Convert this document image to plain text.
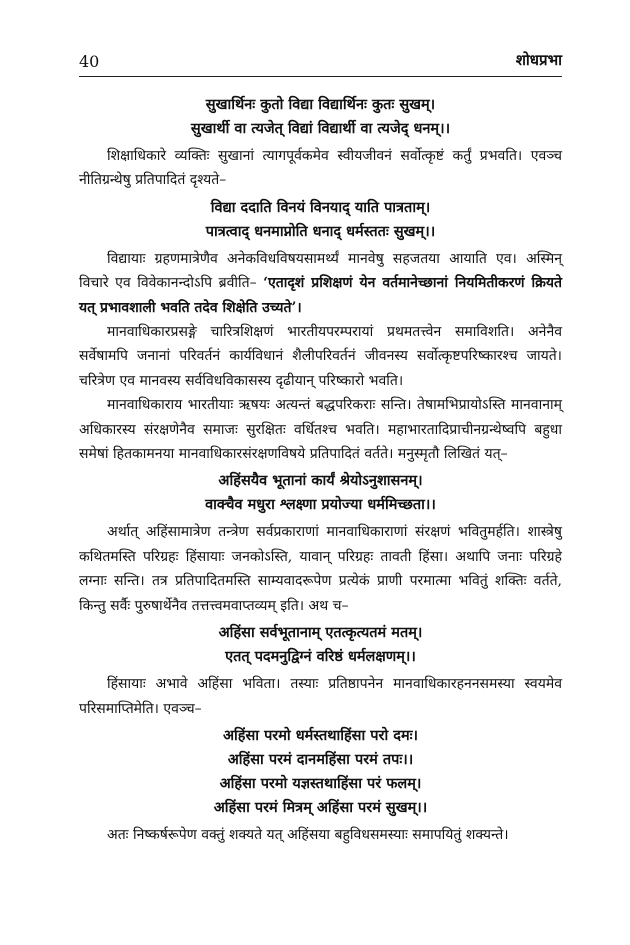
40	शोधप्रभा
सुखार्थिनः कुतो विद्या विद्यार्थिनः कुतः सुखम्।
सुखार्थी वा त्यजेत् विद्यां विद्यार्थी वा त्यजेद् धनम्।।

शिक्षाधिकारे व्यक्तिः सुखानां त्यागपूर्वकमेव स्वीयजीवनं सर्वोत्कृष्टं कर्तुं प्रभवति। एवञ्च नीतिग्रन्थेषु प्रतिपादितं दृश्यते–

विद्या ददाति विनयं विनयाद् याति पात्रताम्।
पात्रत्वाद् धनमाप्नोति धनाद् धर्मस्ततः सुखम्।।

विद्यायाः ग्रहणमात्रेणैव अनेकविधविषयसामर्थ्यं मानवेषु सहजतया आयाति एव। अस्मिन् विचारे एव विवेकानन्दोऽपि ब्रवीति– ‘एतादृशं प्रशिक्षणं येन वर्तमानेच्छानां नियमितीकरणं क्रियते यत् प्रभावशाली भवति तदेव शिक्षेति उच्यते’।

मानवाधिकारप्रसङ्गे चारित्रशिक्षणं भारतीयपरम्परायां प्रथमतत्त्वेन समाविशति। अनेनैव सर्वेषामपि जनानां परिवर्तनं कार्यविधानं शैलीपरिवर्तनं जीवनस्य सर्वोत्कृष्टपरिष्कारश्च जायते। चरित्रेण एव मानवस्य सर्वविधविकासस्य दृढीयान् परिष्कारो भवति।

मानवाधिकाराय भारतीयाः ऋषयः अत्यन्तं बद्धपरिकराः सन्ति। तेषामभिप्रायोऽस्ति मानवानाम् अधिकारस्य संरक्षणेनैव समाजः सुरक्षितः वर्धितश्च भवति। महाभारतादिप्राचीनग्रन्थेष्वपि बहुधा समेषां हितकामनया मानवाधिकारसंरक्षणविषये प्रतिपादितं वर्तते। मनुस्मृतौ लिखितं यत्–

अहिंसयैव भूतानां कार्यं श्रेयोऽनुशासनम्।
वाक्चैव मधुरा श्लक्ष्णा प्रयोज्या धर्ममिच्छता।।

अर्थात् अहिंसामात्रेण तन्त्रेण सर्वप्रकाराणां मानवाधिकाराणां संरक्षणं भवितुमर्हति। शास्त्रेषु कथितमस्ति परिग्रहः हिंसायाः जनकोऽस्ति, यावान् परिग्रहः तावती हिंसा। अथापि जनाः परिग्रहे लग्नाः सन्ति। तत्र प्रतिपादितमस्ति साम्यवादरूपेण प्रत्येकं प्राणी परमात्मा भवितुं शक्तिः वर्तते, किन्तु सर्वैः पुरुषार्थेनैव तत्तत्त्वमवाप्तव्यम् इति। अथ च–

अहिंसा सर्वभूतानाम् एतत्कृत्यतमं मतम्।
एतत् पदमनुद्विग्नं वरिष्ठं धर्मलक्षणम्।।

हिंसायाः अभावे अहिंसा भविता। तस्याः प्रतिष्ठापनेन मानवाधिकारहननसमस्या स्वयमेव परिसमाप्तिमेति। एवञ्च–

अहिंसा परमो धर्मस्तथाहिंसा परो दमः।
अहिंसा परमं दानमहिंसा परमं तपः।।
अहिंसा परमो यज्ञस्तथाहिंसा परं फलम्।
अहिंसा परमं मित्रम् अहिंसा परमं सुखम्।।

अतः निष्कर्षरूपेण वक्तुं शक्यते यत् अहिंसया बहुविधसमस्याः समापयितुं शक्यन्ते।
